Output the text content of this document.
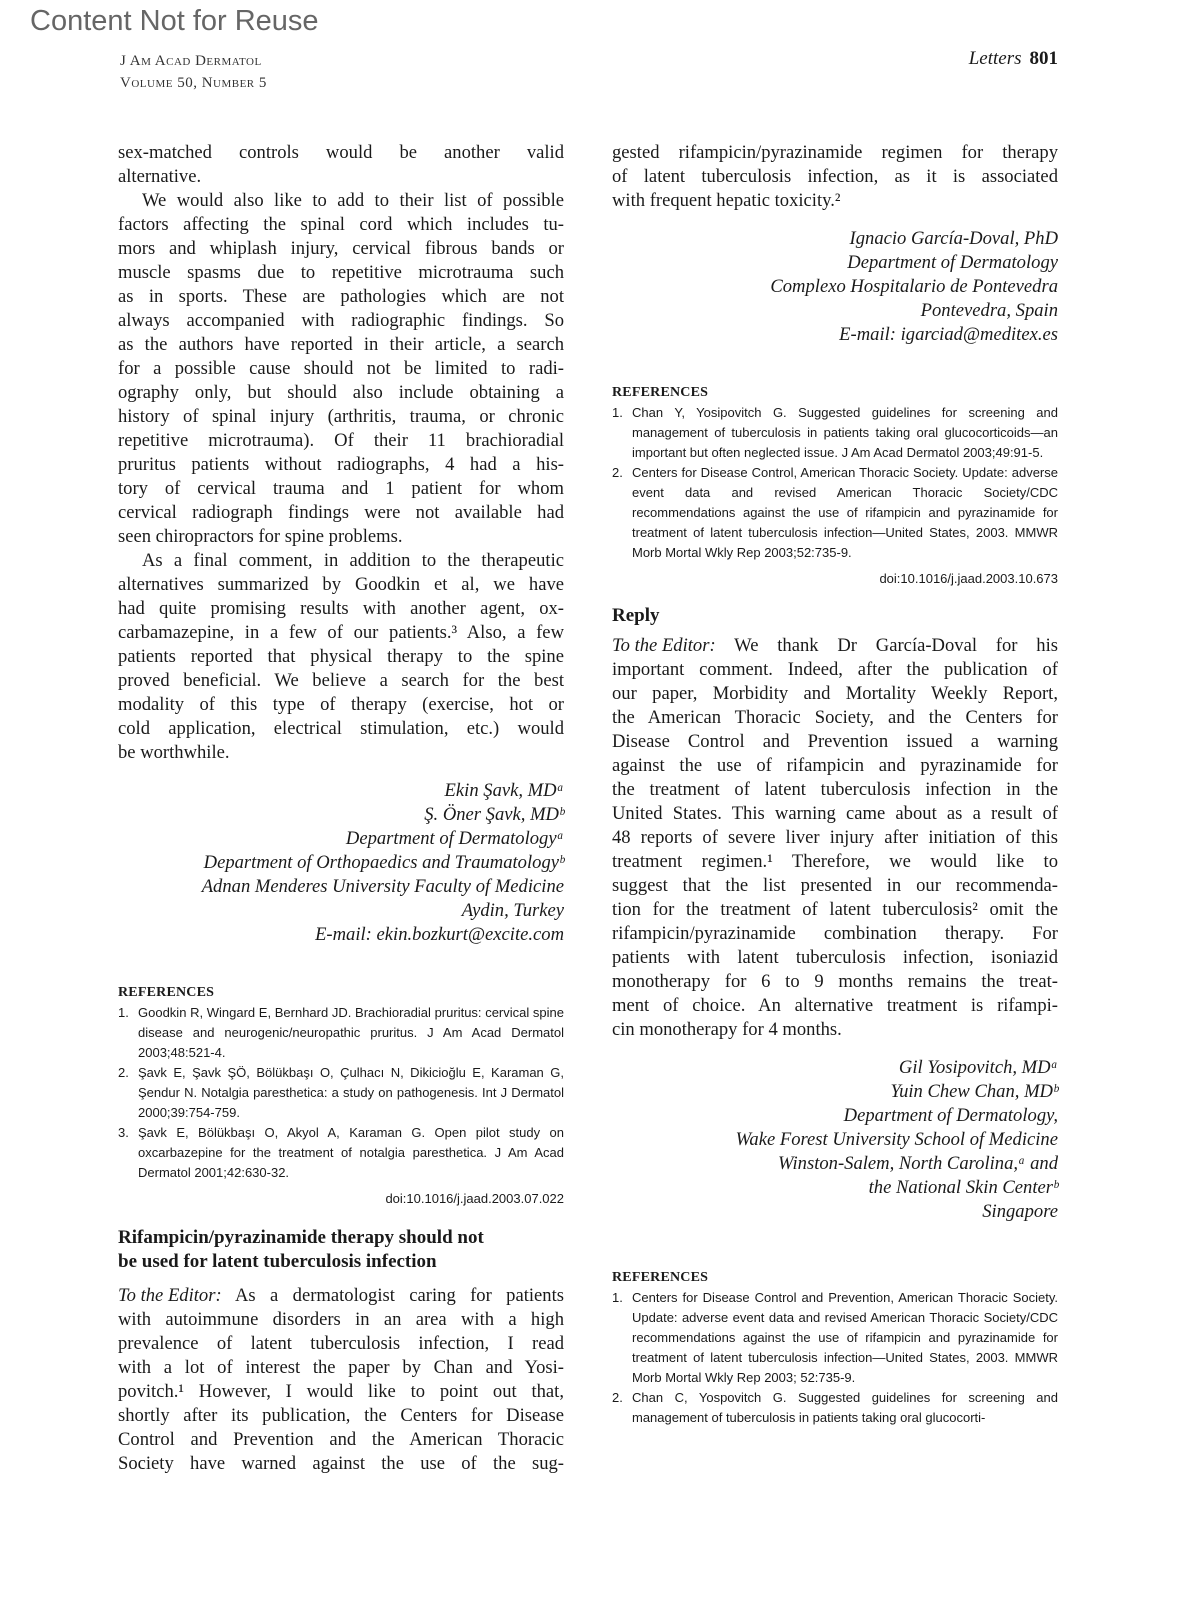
Content Not for Reuse
J Am Acad Dermatol
Volume 50, Number 5
Letters 801
sex-matched controls would be another valid
alternative.
We would also like to add to their list of possible
factors affecting the spinal cord which includes tu-
mors and whiplash injury, cervical fibrous bands or
muscle spasms due to repetitive microtrauma such
as in sports. These are pathologies which are not
always accompanied with radiographic findings. So
as the authors have reported in their article, a search
for a possible cause should not be limited to radi-
ography only, but should also include obtaining a
history of spinal injury (arthritis, trauma, or chronic
repetitive microtrauma). Of their 11 brachioradial
pruritus patients without radiographs, 4 had a his-
tory of cervical trauma and 1 patient for whom
cervical radiograph findings were not available had
seen chiropractors for spine problems.
As a final comment, in addition to the therapeutic
alternatives summarized by Goodkin et al, we have
had quite promising results with another agent, ox-
carbamazepine, in a few of our patients.³ Also, a few
patients reported that physical therapy to the spine
proved beneficial. We believe a search for the best
modality of this type of therapy (exercise, hot or
cold application, electrical stimulation, etc.) would
be worthwhile.
Ekin Şavk, MDᵃ
Ş. Öner Şavk, MDᵇ
Department of Dermatologyᵃ
Department of Orthopaedics and Traumatologyᵇ
Adnan Menderes University Faculty of Medicine
Aydin, Turkey
E-mail: ekin.bozkurt@excite.com
REFERENCES
1. Goodkin R, Wingard E, Bernhard JD. Brachioradial pruritus: cervical spine disease and neurogenic/neuropathic pruritus. J Am Acad Dermatol 2003;48:521-4.
2. Şavk E, Şavk ŞÖ, Bölükbaşı O, Çulhacı N, Dikicioğlu E, Karaman G, Şendur N. Notalgia paresthetica: a study on pathogenesis. Int J Dermatol 2000;39:754-759.
3. Şavk E, Bölükbaşı O, Akyol A, Karaman G. Open pilot study on oxcarbazepine for the treatment of notalgia paresthetica. J Am Acad Dermatol 2001;42:630-32.
doi:10.1016/j.jaad.2003.07.022
Rifampicin/pyrazinamide therapy should not
be used for latent tuberculosis infection
To the Editor: As a dermatologist caring for patients
with autoimmune disorders in an area with a high
prevalence of latent tuberculosis infection, I read
with a lot of interest the paper by Chan and Yosi-
povitch.¹ However, I would like to point out that,
shortly after its publication, the Centers for Disease
Control and Prevention and the American Thoracic
Society have warned against the use of the sug-
gested rifampicin/pyrazinamide regimen for therapy
of latent tuberculosis infection, as it is associated
with frequent hepatic toxicity.²
Ignacio García-Doval, PhD
Department of Dermatology
Complexo Hospitalario de Pontevedra
Pontevedra, Spain
E-mail: igarciad@meditex.es
REFERENCES
1. Chan Y, Yosipovitch G. Suggested guidelines for screening and management of tuberculosis in patients taking oral glucocorticoids—an important but often neglected issue. J Am Acad Dermatol 2003;49:91-5.
2. Centers for Disease Control, American Thoracic Society. Update: adverse event data and revised American Thoracic Society/CDC recommendations against the use of rifampicin and pyrazinamide for treatment of latent tuberculosis infection—United States, 2003. MMWR Morb Mortal Wkly Rep 2003;52:735-9.
doi:10.1016/j.jaad.2003.10.673
Reply
To the Editor: We thank Dr García-Doval for his
important comment. Indeed, after the publication of
our paper, Morbidity and Mortality Weekly Report,
the American Thoracic Society, and the Centers for
Disease Control and Prevention issued a warning
against the use of rifampicin and pyrazinamide for
the treatment of latent tuberculosis infection in the
United States. This warning came about as a result of
48 reports of severe liver injury after initiation of this
treatment regimen.¹ Therefore, we would like to
suggest that the list presented in our recommenda-
tion for the treatment of latent tuberculosis² omit the
rifampicin/pyrazinamide combination therapy. For
patients with latent tuberculosis infection, isoniazid
monotherapy for 6 to 9 months remains the treat-
ment of choice. An alternative treatment is rifampi-
cin monotherapy for 4 months.
Gil Yosipovitch, MDᵃ
Yuin Chew Chan, MDᵇ
Department of Dermatology,
Wake Forest University School of Medicine
Winston-Salem, North Carolina,ᵃ and
the National Skin Centerᵇ
Singapore
REFERENCES
1. Centers for Disease Control and Prevention, American Thoracic Society. Update: adverse event data and revised American Thoracic Society/CDC recommendations against the use of rifampicin and pyrazinamide for treatment of latent tuberculosis infection—United States, 2003. MMWR Morb Mortal Wkly Rep 2003; 52:735-9.
2. Chan C, Yospovitch G. Suggested guidelines for screening and management of tuberculosis in patients taking oral glucocorti-
